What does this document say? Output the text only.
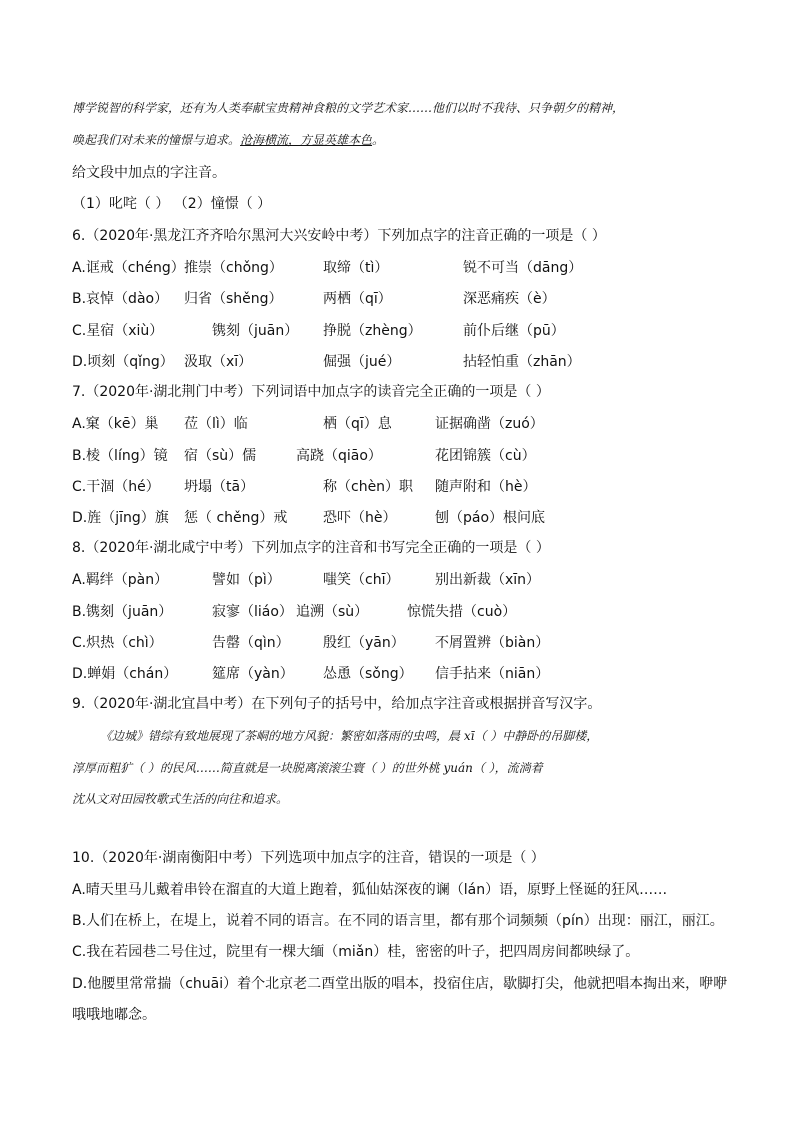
博学锐智的科学家，还有为人类奉献宝贵精神食粮的文学艺术家……他们以时不我待、只争朝夕的精神，
唤起我们对未来的憧憬与追求。沧海横流，方显英雄本色。
给文段中加点的字注音。
（1）叱咤（ ） （2）憧憬（ ）
6.（2020年·黑龙江齐齐哈尔黑河大兴安岭中考）下列加点字的注音正确的一项是（ ）
A.诓戒（chéng） 推崇（chǒng）	取缔（tì）	锐不可当（dāng）
B.哀悼（dào） 归省（shěng）	两栖（qī）	深恶痛疾（è）
C.星宿（xiù）	镌刻（juān） 挣脱（zhèng）	前仆后继（pū）
D.顷刻（qǐng） 汲取（xī）	倔强（jué）	拈轻怕重（zhān）
7.（2020年·湖北荆门中考）下列词语中加点字的读音完全正确的一项是（ ）
A.窠（kē）巢 莅（lì）临	栖（qī）息	证据确凿（zuó）
B.棱（líng）镜 宿（sù）儒	高跷（qiāo）	花团锦簇（cù）
C.干涸（hé） 坍塌（tā）	称（chèn）职 随声附和（hè）
D.旌（jīng）旗 惩（ chěng）戒	恐吓（hè）	刨（páo）根问底
8.（2020年·湖北咸宁中考）下列加点字的注音和书写完全正确的一项是（ ）
A.羁绊（pàn）	譬如（pì）	嗤笑（chī）	别出新裁（xīn）
B.镌刻（juān）	寂寥（liáo） 追溯（sù）	惊慌失措（cuò）
C.炽热（chì）	告罄（qìn） 殷红（yān） 不屑置辨（biàn）
D.蝉娟（chán） 筵席（yàn） 怂恿（sǒng） 信手拈来（niān）
9.（2020年·湖北宜昌中考）在下列句子的括号中，给加点字注音或根据拼音写汉字。
《边城》错综有致地展现了茶峒的地方风貌：繁密如落雨的虫鸣，晨 xī（ ）中静卧的吊脚楼，
淳厚而粗犷（ ）的民风……简直就是一块脱离滚滚尘寰（ ）的世外桃 yuán（ ），流淌着
沈从文对田园牧歌式生活的向往和追求。
10.（2020年·湖南衡阳中考）下列选项中加点字的注音，错误的一项是（ ）
A.晴天里马儿戴着串铃在溜直的大道上跑着，狐仙姑深夜的谰（lán）语，原野上怪诞的狂风……
B.人们在桥上，在堤上，说着不同的语言。在不同的语言里，都有那个词频频（pín）出现：丽江，丽江。
C.我在若园巷二号住过，院里有一棵大缅（miǎn）桂，密密的叶子，把四周房间都映绿了。
D.他腰里常常揣（chuāi）着个北京老二酉堂出版的唱本，投宿住店，歇脚打尖，他就把唱本掏出来，咿咿
哦哦地嘟念。
